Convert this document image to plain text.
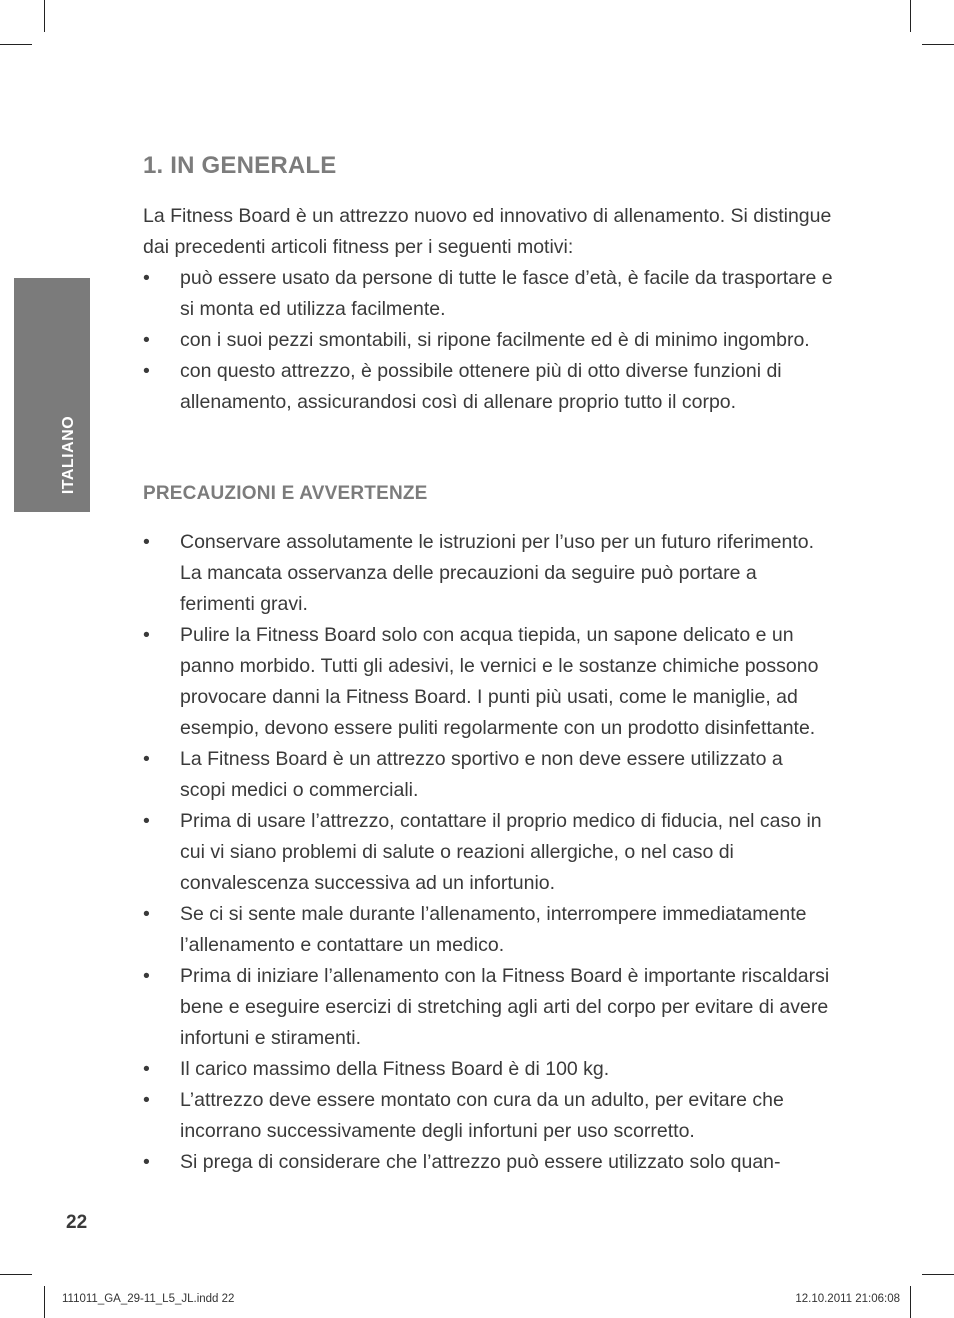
ITALIANO
1. IN GENERALE

La Fitness Board è un attrezzo nuovo ed innovativo di allenamento. Si distingue dai precedenti articoli fitness per i seguenti motivi:

• può essere usato da persone di tutte le fasce d’età, è facile da trasportare e si monta ed utilizza facilmente.
• con i suoi pezzi smontabili, si ripone facilmente ed è di minimo ingombro.
• con questo attrezzo, è possibile ottenere più di otto diverse funzioni di allenamento, assicurandosi così di allenare proprio tutto il corpo.
PRECAUZIONI E AVVERTENZE
• Conservare assolutamente le istruzioni per l’uso per un futuro riferimento. La mancata osservanza delle precauzioni da seguire può portare a ferimenti gravi.
• Pulire la Fitness Board solo con acqua tiepida, un sapone delicato e un panno morbido. Tutti gli adesivi, le vernici e le sostanze chimiche possono provocare danni la Fitness Board. I punti più usati, come le maniglie, ad esempio, devono essere puliti regolarmente con un prodotto disinfettante.
• La Fitness Board è un attrezzo sportivo e non deve essere utilizzato a scopi medici o commerciali.
• Prima di usare l’attrezzo, contattare il proprio medico di fiducia, nel caso in cui vi siano problemi di salute o reazioni allergiche, o nel caso di convalescenza successiva ad un infortunio.
• Se ci si sente male durante l’allenamento, interrompere immediatamente l’allenamento e contattare un medico.
• Prima di iniziare l’allenamento con la Fitness Board è importante riscaldarsi bene e eseguire esercizi di stretching agli arti del corpo per evitare di avere infortuni e stiramenti.
• Il carico massimo della Fitness Board è di 100 kg.
• L’attrezzo deve essere montato con cura da un adulto, per evitare che incorrano successivamente degli infortuni per uso scorretto.
• Si prega di considerare che l’attrezzo può essere utilizzato solo quan-
22
111011_GA_29-11_L5_JL.indd 22	12.10.2011 21:06:08
